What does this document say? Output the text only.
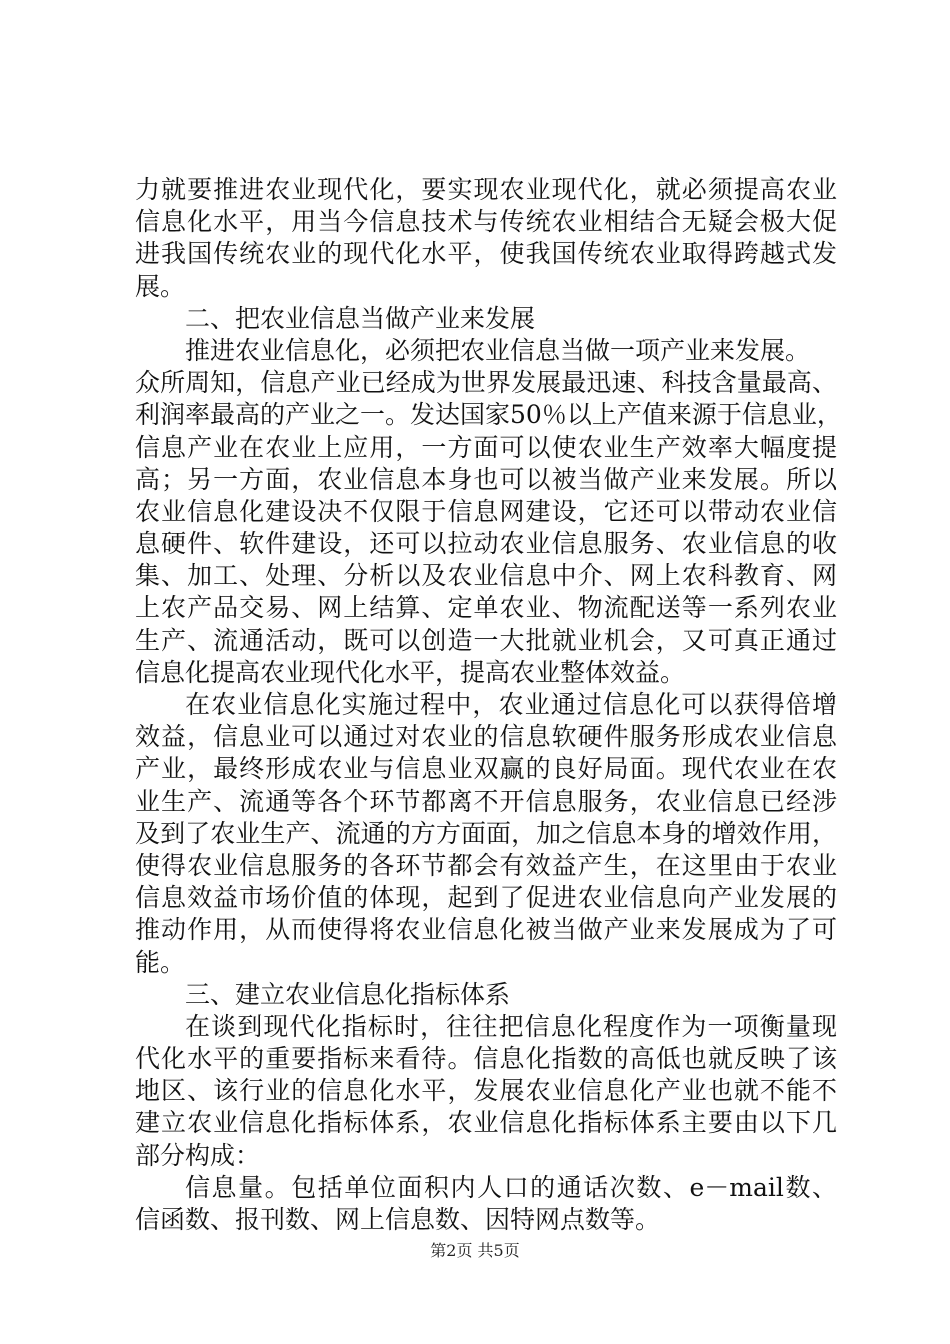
力就要推进农业现代化，要实现农业现代化，就必须提高农业
信息化水平，用当今信息技术与传统农业相结合无疑会极大促
进我国传统农业的现代化水平，使我国传统农业取得跨越式发
展。
二、把农业信息当做产业来发展
推进农业信息化，必须把农业信息当做一项产业来发展。
众所周知，信息产业已经成为世界发展最迅速、科技含量最高、
利润率最高的产业之一。发达国家50％以上产值来源于信息业，
信息产业在农业上应用，一方面可以使农业生产效率大幅度提
高；另一方面，农业信息本身也可以被当做产业来发展。所以
农业信息化建设决不仅限于信息网建设，它还可以带动农业信
息硬件、软件建设，还可以拉动农业信息服务、农业信息的收
集、加工、处理、分析以及农业信息中介、网上农科教育、网
上农产品交易、网上结算、定单农业、物流配送等一系列农业
生产、流通活动，既可以创造一大批就业机会，又可真正通过
信息化提高农业现代化水平，提高农业整体效益。
在农业信息化实施过程中，农业通过信息化可以获得倍增
效益，信息业可以通过对农业的信息软硬件服务形成农业信息
产业，最终形成农业与信息业双赢的良好局面。现代农业在农
业生产、流通等各个环节都离不开信息服务，农业信息已经涉
及到了农业生产、流通的方方面面，加之信息本身的增效作用，
使得农业信息服务的各环节都会有效益产生，在这里由于农业
信息效益市场价值的体现，起到了促进农业信息向产业发展的
推动作用，从而使得将农业信息化被当做产业来发展成为了可
能。
三、建立农业信息化指标体系
在谈到现代化指标时，往往把信息化程度作为一项衡量现
代化水平的重要指标来看待。信息化指数的高低也就反映了该
地区、该行业的信息化水平，发展农业信息化产业也就不能不
建立农业信息化指标体系，农业信息化指标体系主要由以下几
部分构成：
信息量。包括单位面积内人口的通话次数、e－mail数、
信函数、报刊数、网上信息数、因特网点数等。
第2页 共5页
